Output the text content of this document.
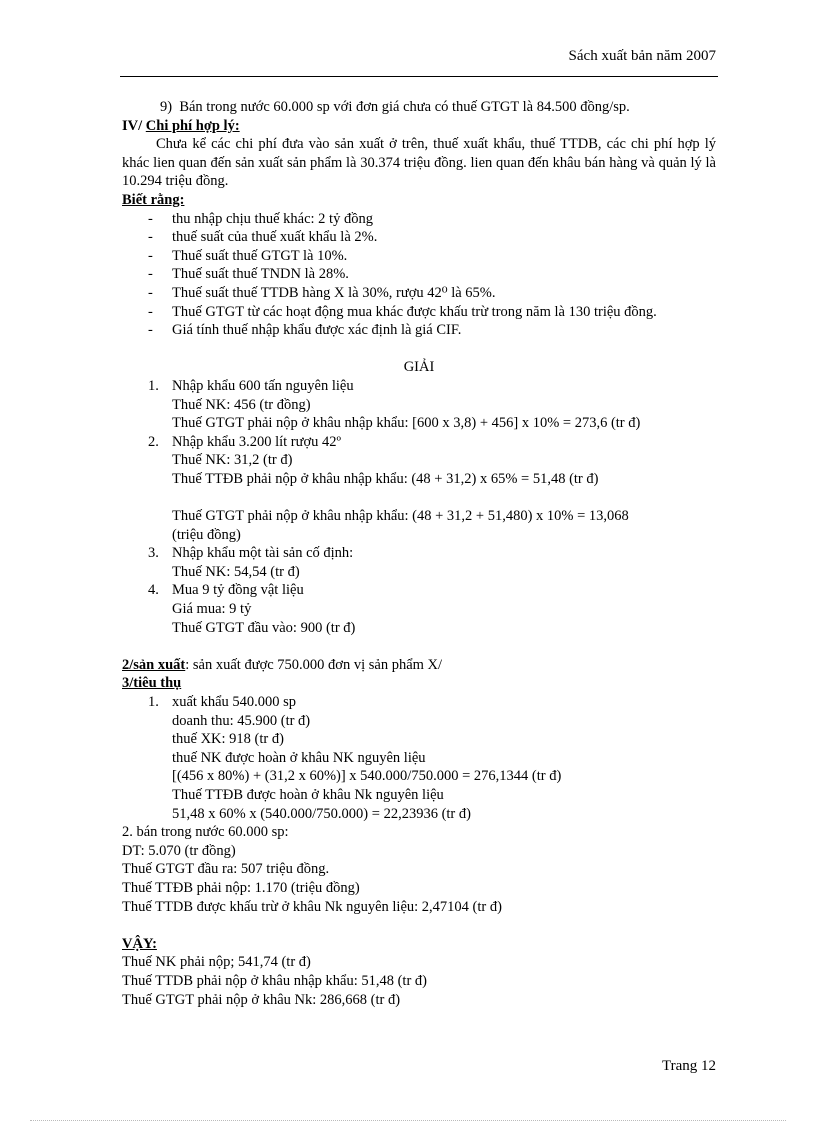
Sách xuất bản năm 2007
9)  Bán trong nước 60.000 sp với đơn giá chưa có thuế GTGT là 84.500 đồng/sp.
IV/ Chi phí hợp lý:
Chưa kể các chi phí đưa vào sản xuất ở trên, thuế xuất khẩu, thuế TTDB, các chi phí hợp lý khác lien quan đến sản xuất sản phẩm là 30.374 triệu đồng. lien quan đến khâu bán hàng và quản lý là 10.294 triệu đồng.
Biết rằng:
- thu nhập chịu thuế khác: 2 tỷ đồng
- thuế suất của thuế xuất khẩu là 2%.
- Thuế suất thuế GTGT là 10%.
- Thuế suất thuế TNDN là 28%.
- Thuế suất thuế TTDB hàng X là 30%, rượu 42⁰ là 65%.
- Thuế GTGT từ các hoạt động mua khác được khấu trừ trong năm là 130 triệu đồng.
- Giá tính thuế nhập khẩu được xác định là giá CIF.
GIẢI
1. Nhập khẩu 600 tấn nguyên liệu
Thuế NK: 456 (tr đồng)
Thuế GTGT phải nộp ở khâu nhập khẩu: [600 x 3,8) + 456] x 10% = 273,6 (tr đ)
2. Nhập khẩu 3.200 lít rượu 42º
Thuế NK: 31,2 (tr đ)
Thuế TTĐB phải nộp ở khâu nhập khẩu: (48 + 31,2) x 65% = 51,48 (tr đ)
Thuế GTGT phải nộp ở khâu nhập khẩu: (48 + 31,2 + 51,480) x 10% = 13,068
(triệu đồng)
3. Nhập khẩu một tài sản cố định:
Thuế NK: 54,54 (tr đ)
4. Mua 9 tỷ đồng vật liệu
Giá mua: 9 tỷ
Thuế GTGT đầu vào: 900 (tr đ)
2/sản xuất: sản xuất được 750.000 đơn vị sản phẩm X/
3/tiêu thụ
1. xuất khẩu 540.000 sp
doanh thu: 45.900 (tr đ)
thuế XK: 918 (tr đ)
thuế NK được hoàn ở khâu NK nguyên liệu
[(456 x 80%) + (31,2 x 60%)] x 540.000/750.000 = 276,1344 (tr đ)
Thuế TTĐB được hoàn ở khâu Nk nguyên liệu
51,48 x 60% x (540.000/750.000) = 22,23936 (tr đ)
2. bán trong nước 60.000 sp:
DT: 5.070 (tr đồng)
Thuế GTGT đầu ra: 507 triệu đồng.
Thuế TTĐB phải nộp: 1.170 (triệu đồng)
Thuế TTDB được khấu trừ ở khâu Nk nguyên liệu: 2,47104 (tr đ)
VẬY:
Thuế NK phải nộp; 541,74 (tr đ)
Thuế TTDB phải nộp ở khâu nhập khẩu: 51,48 (tr đ)
Thuế GTGT phải nộp ở khâu Nk: 286,668 (tr đ)
Trang 12
